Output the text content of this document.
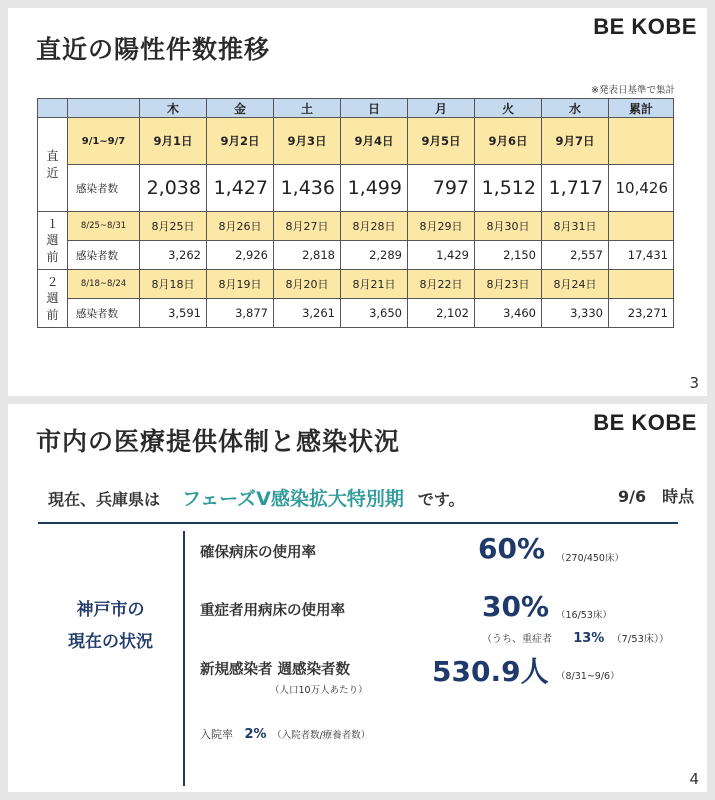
直近の陽性件数推移
BE KOBE
※発表日基準で集計
		木	金	土	日	月	火	水	累計
直
近	9/1~9/7	9月1日	9月2日	9月3日	9月4日	9月5日	9月6日	9月7日	
	感染者数	2,038	1,427	1,436	1,499	797	1,512	1,717	10,426
１
週
前	8/25~8/31	8月25日	8月26日	8月27日	8月28日	8月29日	8月30日	8月31日	
	感染者数	3,262	2,926	2,818	2,289	1,429	2,150	2,557	17,431
２
週
前	8/18~8/24	8月18日	8月19日	8月20日	8月21日	8月22日	8月23日	8月24日	
	感染者数	3,591	3,877	3,261	3,650	2,102	3,460	3,330	23,271
3
市内の医療提供体制と感染状況
BE KOBE
現在、兵庫県は フェーズⅤ感染拡大特別期 です。	9/6　時点
神戸市の
現在の状況
確保病床の使用率	60% （270/450床）
重症者用病床の使用率	30% （16/53床）
（うち、重症者 13% （7/53床））
新規感染者 週感染者数
（人口10万人あたり）
530.9人 （8/31~9/6）
入院率 2% （入院者数/療養者数）
4
